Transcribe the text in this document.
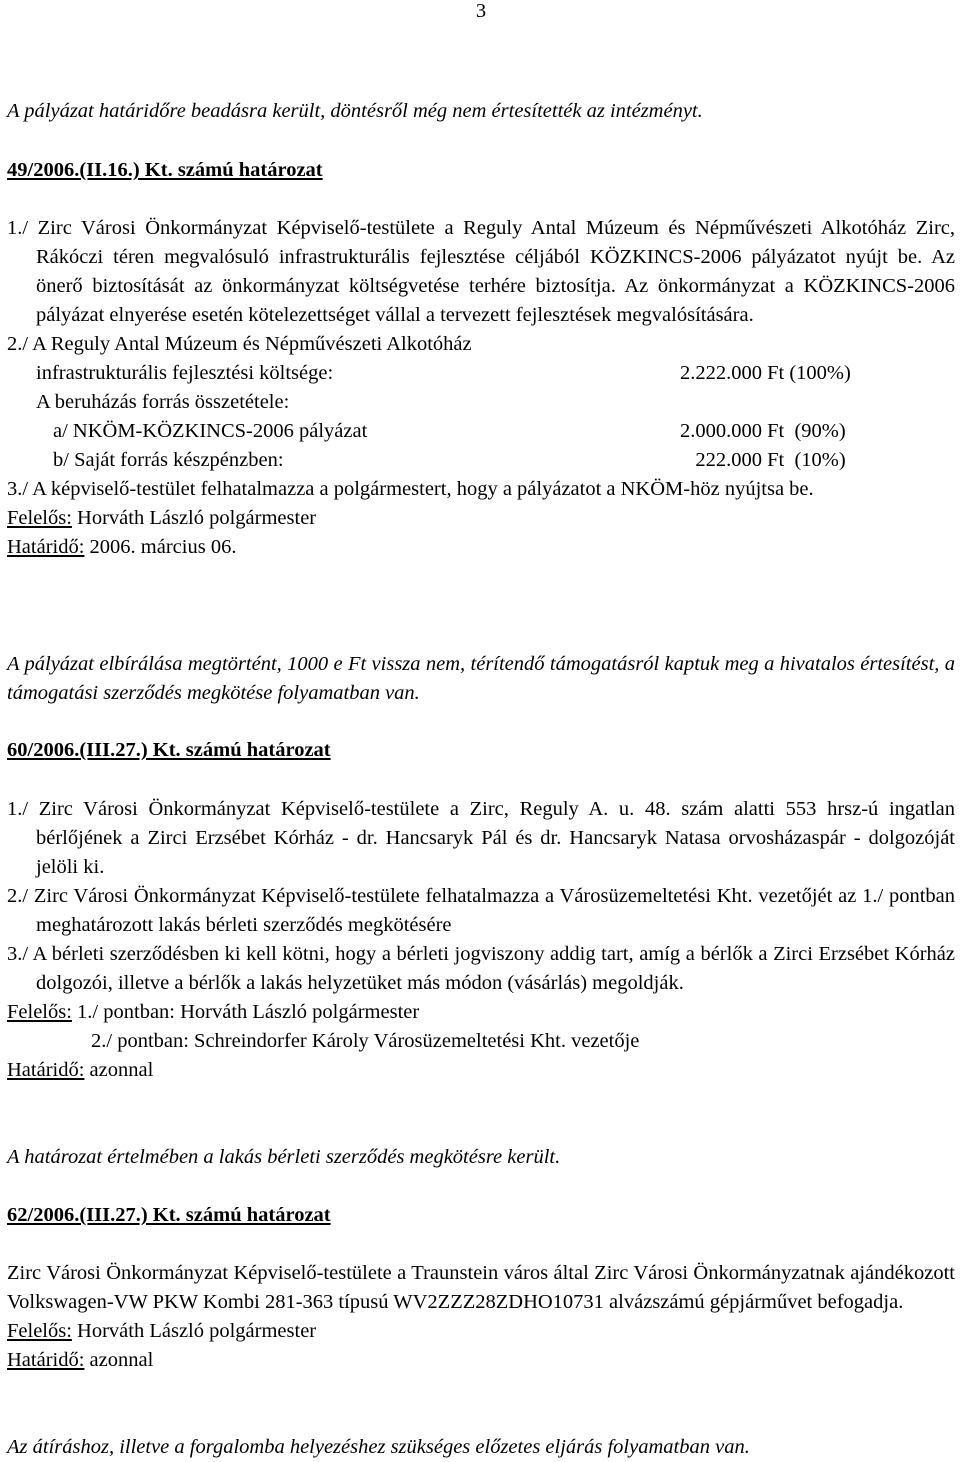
3

A pályázat határidőre beadásra került, döntésről még nem értesítették az intézményt.

49/2006.(II.16.) Kt. számú határozat

1./ Zirc Városi Önkormányzat Képviselő-testülete a Reguly Antal Múzeum és Népművészeti Alkotóház Zirc, Rákóczi téren megvalósuló infrastrukturális fejlesztése céljából KÖZKINCS-2006 pályázatot nyújt be. Az önerő biztosítását az önkormányzat költségvetése terhére biztosítja. Az önkormányzat a KÖZKINCS-2006 pályázat elnyerése esetén kötelezettséget vállal a tervezett fejlesztések megvalósítására.

2./ A Reguly Antal Múzeum és Népművészeti Alkotóház

infrastrukturális fejlesztési költsége:	2.222.000 Ft (100%)

A beruházás forrás összetétele:

a/ NKÖM-KÖZKINCS-2006 pályázat	2.000.000 Ft  (90%)
b/ Saját forrás készpénzben:	222.000 Ft  (10%)

3./ A képviselő-testület felhatalmazza a polgármestert, hogy a pályázatot a NKÖM-höz nyújtsa be.

Felelős: Horváth László polgármester

Határidő: 2006. március 06.

A pályázat elbírálása megtörtént, 1000 e Ft vissza nem, térítendő támogatásról kaptuk meg a hivatalos értesítést, a támogatási szerződés megkötése folyamatban van.

60/2006.(III.27.) Kt. számú határozat

1./ Zirc Városi Önkormányzat Képviselő-testülete a Zirc, Reguly A. u. 48. szám alatti 553 hrsz-ú ingatlan bérlőjének a Zirci Erzsébet Kórház - dr. Hancsaryk Pál és dr. Hancsaryk Natasa orvosházaspár - dolgozóját jelöli ki.

2./ Zirc Városi Önkormányzat Képviselő-testülete felhatalmazza a Városüzemeltetési Kht. vezetőjét az 1./ pontban meghatározott lakás bérleti szerződés megkötésére

3./ A bérleti szerződésben ki kell kötni, hogy a bérleti jogviszony addig tart, amíg a bérlők a Zirci Erzsébet Kórház dolgozói, illetve a bérlők a lakás helyzetüket más módon (vásárlás) megoldják.

Felelős: 1./ pontban: Horváth László polgármester

2./ pontban: Schreindorfer Károly Városüzemeltetési Kht. vezetője

Határidő: azonnal

A határozat értelmében a lakás bérleti szerződés megkötésre került.

62/2006.(III.27.) Kt. számú határozat

Zirc Városi Önkormányzat Képviselő-testülete a Traunstein város által Zirc Városi Önkormányzatnak ajándékozott Volkswagen-VW PKW Kombi 281-363 típusú WV2ZZZ28ZDHO10731 alvázszámú gépjárművet befogadja.

Felelős: Horváth László polgármester

Határidő: azonnal

Az átíráshoz, illetve a forgalomba helyezéshez szükséges előzetes eljárás folyamatban van.
